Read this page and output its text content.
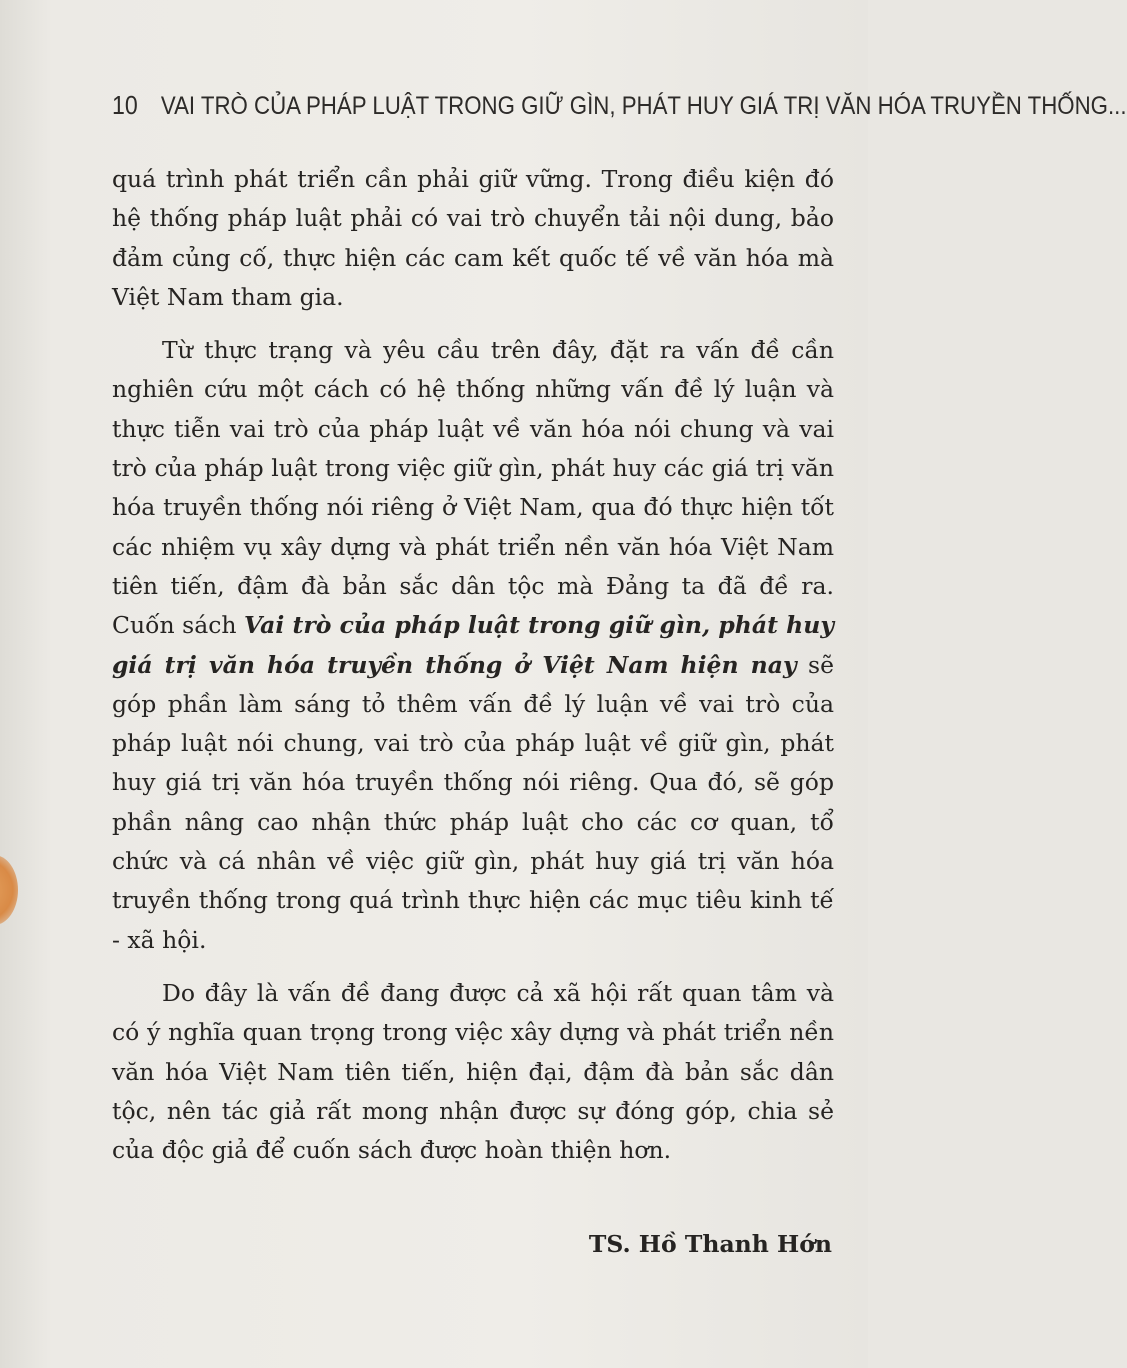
10 VAI TRÒ CỦA PHÁP LUẬT TRONG GIỮ GÌN, PHÁT HUY GIÁ TRỊ VĂN HÓA TRUYỀN THỐNG...

quá trình phát triển cần phải giữ vững. Trong điều kiện đó hệ thống pháp luật phải có vai trò chuyển tải nội dung, bảo đảm củng cố, thực hiện các cam kết quốc tế về văn hóa mà Việt Nam tham gia.

Từ thực trạng và yêu cầu trên đây, đặt ra vấn đề cần nghiên cứu một cách có hệ thống những vấn đề lý luận và thực tiễn vai trò của pháp luật về văn hóa nói chung và vai trò của pháp luật trong việc giữ gìn, phát huy các giá trị văn hóa truyền thống nói riêng ở Việt Nam, qua đó thực hiện tốt các nhiệm vụ xây dựng và phát triển nền văn hóa Việt Nam tiên tiến, đậm đà bản sắc dân tộc mà Đảng ta đã đề ra. Cuốn sách Vai trò của pháp luật trong giữ gìn, phát huy giá trị văn hóa truyền thống ở Việt Nam hiện nay sẽ góp phần làm sáng tỏ thêm vấn đề lý luận về vai trò của pháp luật nói chung, vai trò của pháp luật về giữ gìn, phát huy giá trị văn hóa truyền thống nói riêng. Qua đó, sẽ góp phần nâng cao nhận thức pháp luật cho các cơ quan, tổ chức và cá nhân về việc giữ gìn, phát huy giá trị văn hóa truyền thống trong quá trình thực hiện các mục tiêu kinh tế - xã hội.

Do đây là vấn đề đang được cả xã hội rất quan tâm và có ý nghĩa quan trọng trong việc xây dựng và phát triển nền văn hóa Việt Nam tiên tiến, hiện đại, đậm đà bản sắc dân tộc, nên tác giả rất mong nhận được sự đóng góp, chia sẻ của độc giả để cuốn sách được hoàn thiện hơn.

TS. Hồ Thanh Hớn
